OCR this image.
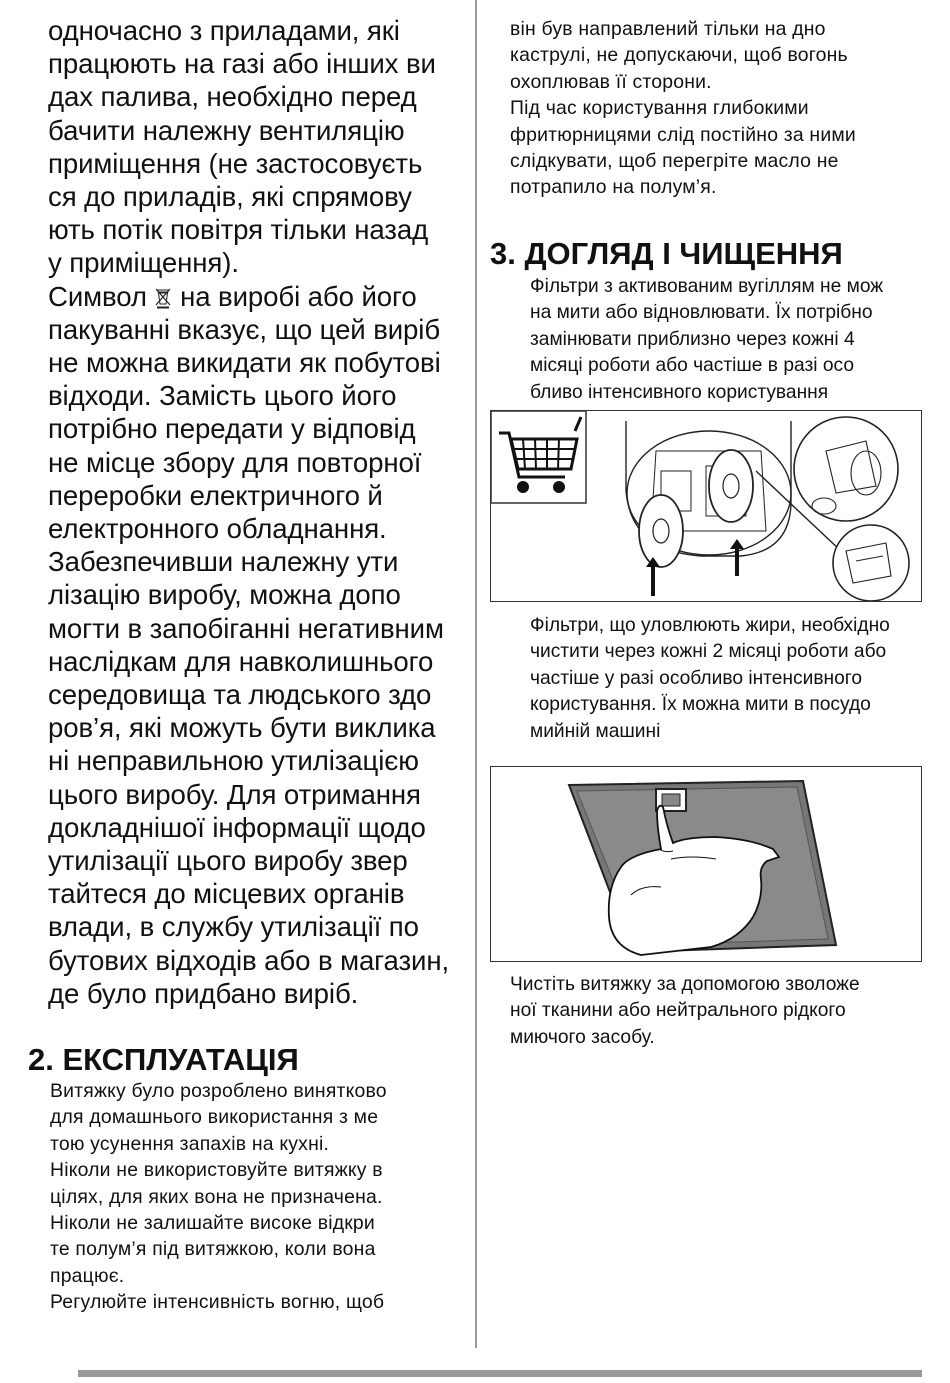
одночасно з приладами, які
працюють на газі або інших ви
дах палива, необхідно перед
бачити належну вентиляцію
приміщення (не застосовуєть
ся до приладів, які спрямову
ють потік повітря тільки назад
у приміщення).

Символ на виробі або його
пакуванні вказує, що цей виріб
не можна викидати як побутові
відходи. Замість цього його
потрібно передати у відповід
не місце збору для повторної
переробки електричного й
електронного обладнання.
Забезпечивши належну ути
лізацію виробу, можна допо
могти в запобіганні негативним
наслідкам для навколишнього
середовища та людського здо
ров’я, які можуть бути виклика
ні неправильною утилізацією
цього виробу. Для отримання
докладнішої інформації щодо
утилізації цього виробу звер
тайтеся до місцевих органів
влади, в службу утилізації по
бутових відходів або в магазин,
де було придбано виріб.

2. ЕКСПЛУАТАЦІЯ

Витяжку було розроблено винятково
для домашнього використання з ме
тою усунення запахів на кухні.
Ніколи не використовуйте витяжку в
цілях, для яких вона не призначена.
Ніколи не залишайте високе відкри
те полум’я під витяжкою, коли вона
працює.
Регулюйте інтенсивність вогню, щоб

він був направлений тільки на дно
каструлі, не допускаючи, щоб вогонь
охоплював її сторони.
Під час користування глибокими
фритюрницями слід постійно за ними
слідкувати, щоб перегріте масло не
потрапило на полум’я.

3. ДОГЛЯД І ЧИЩЕННЯ

Фільтри з активованим вугіллям не мож
на мити або відновлювати. Їх потрібно
замінювати приблизно через кожні 4
місяці роботи або частіше в разі осо
бливо інтенсивного користування

Фільтри, що уловлюють жири, необхідно
чистити через кожні 2 місяці роботи або
частіше у разі особливо інтенсивного
користування. Їх можна мити в посудо
мийній машині

Чистіть витяжку за допомогою зволоже
ної тканини або нейтрального рідкого
миючого засобу.
